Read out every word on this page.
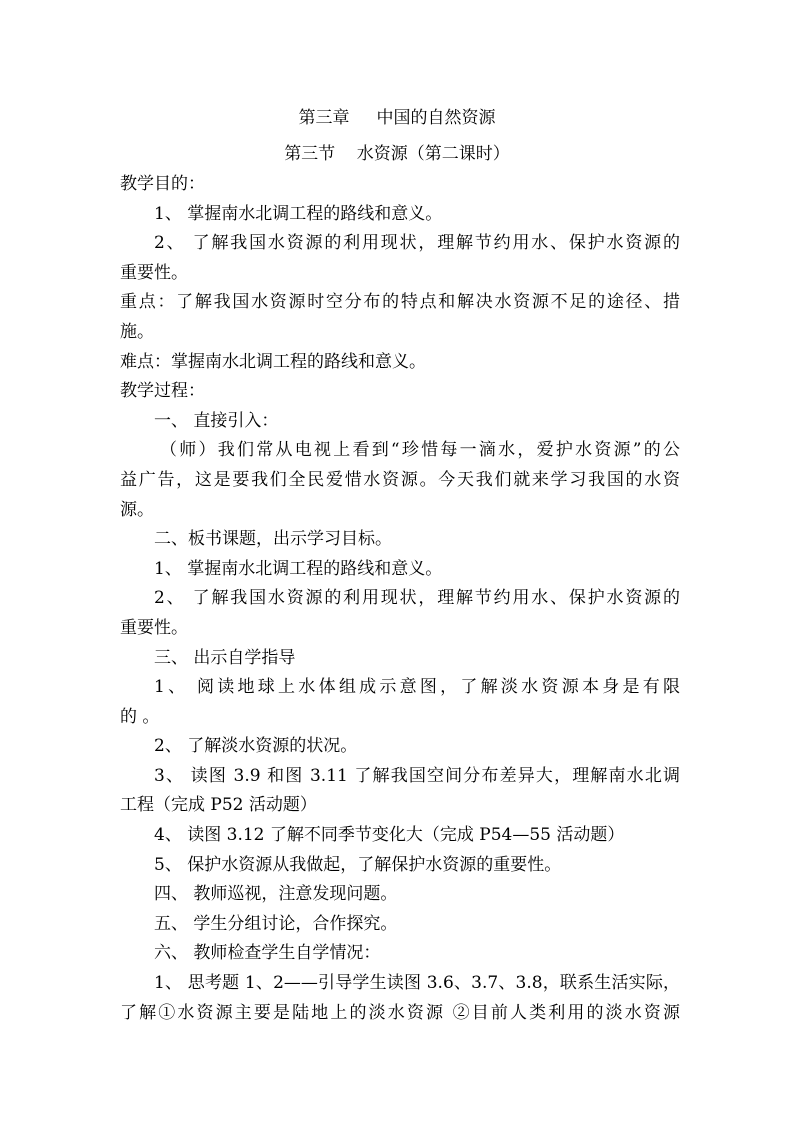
第三章     中国的自然资源
第三节    水资源（第二课时）
教学目的：
1、 掌握南水北调工程的路线和意义。
2、 了解我国水资源的利用现状，理解节约用水、保护水资源的
重要性。
重点：了解我国水资源时空分布的特点和解决水资源不足的途径、措
施。
难点：掌握南水北调工程的路线和意义。
教学过程：
一、 直接引入：
（师）我们常从电视上看到“珍惜每一滴水，爱护水资源”的公
益广告，这是要我们全民爱惜水资源。今天我们就来学习我国的水资
源。
二、板书课题，出示学习目标。
1、 掌握南水北调工程的路线和意义。
2、 了解我国水资源的利用现状，理解节约用水、保护水资源的
重要性。
三、 出示自学指导
1、 阅读地球上水体组成示意图，了解淡水资源本身是有限
的 。
2、 了解淡水资源的状况。
3、 读图 3.9 和图 3.11 了解我国空间分布差异大，理解南水北调
工程（完成 P52 活动题）
4、 读图 3.12 了解不同季节变化大（完成 P54—55 活动题）
5、 保护水资源从我做起，了解保护水资源的重要性。
四、 教师巡视，注意发现问题。
五、 学生分组讨论，合作探究。
六、 教师检查学生自学情况：
1、 思考题 1、2——引导学生读图 3.6、3.7、3.8，联系生活实际，
了解①水资源主要是陆地上的淡水资源 ②目前人类利用的淡水资源
